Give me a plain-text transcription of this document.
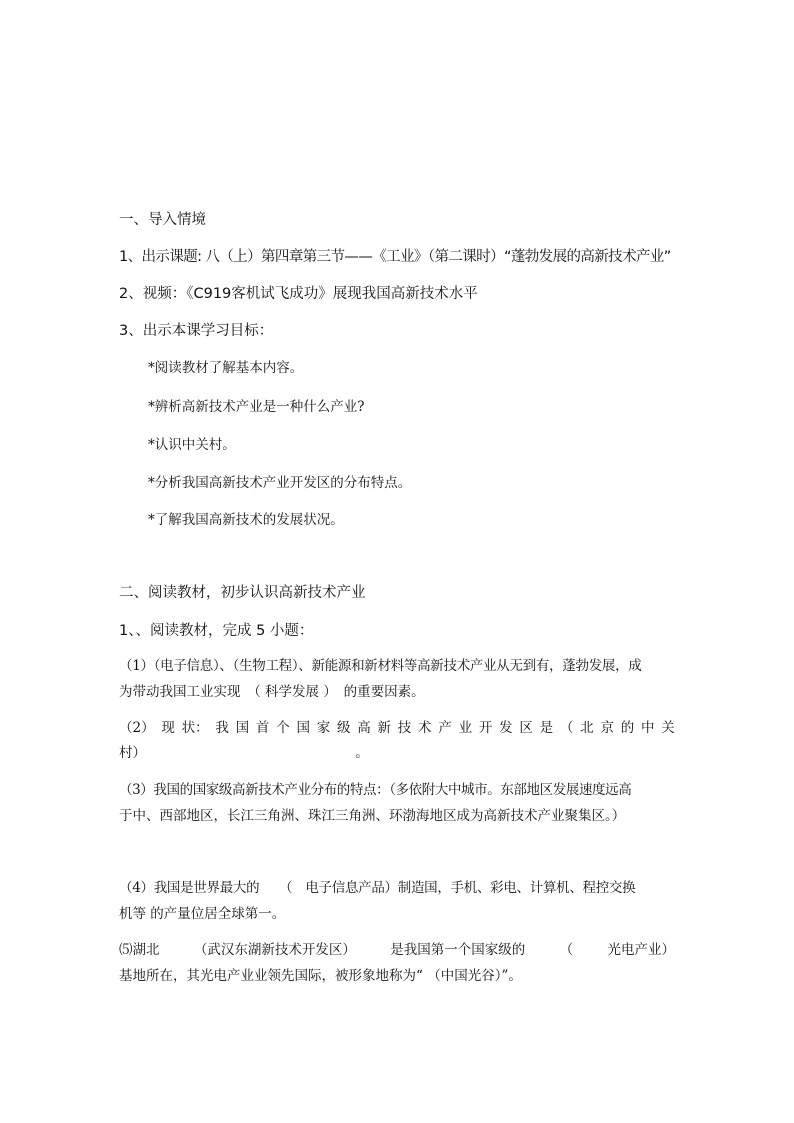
一、导入情境
1、出示课题: 八（上）第四章第三节——《工业》（第二课时）“蓬勃发展的高新技术产业”
2、视频：《C919客机试飞成功》展现我国高新技术水平
3、出示本课学习目标：
*阅读教材了解基本内容。
*辨析高新技术产业是一种什么产业?
*认识中关村。
*分析我国高新技术产业开发区的分布特点。
*了解我国高新技术的发展状况。
二、阅读教材，初步认识高新技术产业
1、、阅读教材，完成 5 小题：
（1）（电子信息）、（生物工程）、新能源和新材料等高新技术产业从无到有，蓬勃发展，成
为带动我国工业实现　（ 科学发展 ）　的重要因素。
（2） 现 状： 我 国 首 个 国 家 级 高 新 技 术 产 业 开 发 区 是 （ 北 京 的 中 关
村）　　　　　　　　　　　　　　　　。
（3）我国的国家级高新技术产业分布的特点：（多依附大中城市。东部地区发展速度远高
于中、西部地区，长江三角洲、珠江三角洲、环渤海地区成为高新技术产业聚集区。）
（4）我国是世界最大的　　（　电子信息产品）制造国，手机、彩电、计算机、程控交换
机等 的产量位居全球第一。
⑸湖北	（武汉东湖新技术开发区）	是我国第一个国家级的	（	光电产业）
基地所在，其光电产业业领先国际，被形象地称为“ （中国光谷）”。
